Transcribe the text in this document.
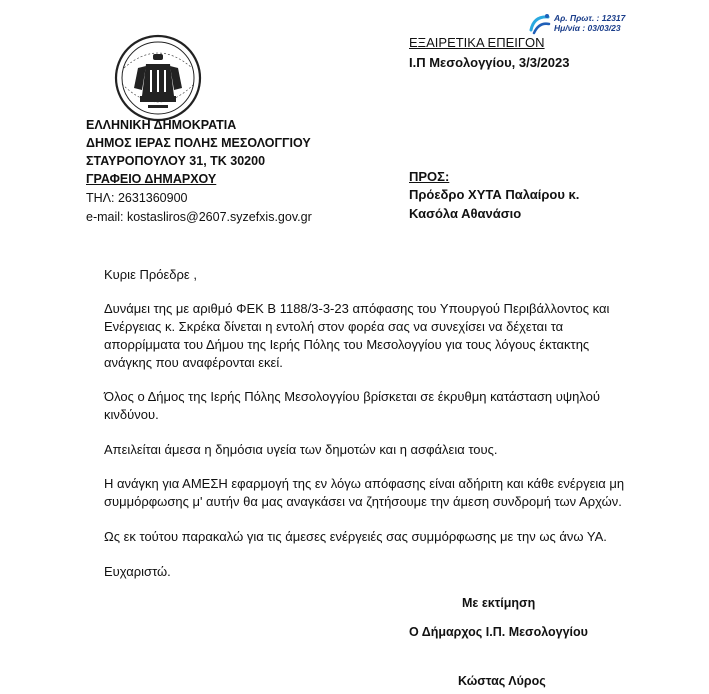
Αρ. Πρωτ. : 12317
Ημ/νία : 03/03/23
ΕΞΑΙΡΕΤΙΚΑ ΕΠΕΙΓΟΝ
Ι.Π Μεσολογγίου, 3/3/2023
ΕΛΛΗΝΙΚΗ ΔΗΜΟΚΡΑΤΙΑ
ΔΗΜΟΣ ΙΕΡΑΣ ΠΟΛΗΣ ΜΕΣΟΛΟΓΓΙΟΥ
ΣΤΑΥΡΟΠΟΥΛΟΥ 31, ΤΚ 30200
ΓΡΑΦΕΙΟ ΔΗΜΑΡΧΟΥ
ΤΗΛ: 2631360900
e-mail: kostasliros@2607.syzefxis.gov.gr
ΠΡΟΣ:
Πρόεδρο ΧΥΤΑ Παλαίρου κ.
Κασόλα Αθανάσιο
Κυριε Πρόεδρε ,
Δυνάμει της με αριθμό ΦΕΚ Β 1188/3-3-23 απόφασης του Υπουργού Περιβάλλοντος και
Ενέργειας κ. Σκρέκα δίνεται η εντολή στον φορέα σας να συνεχίσει να δέχεται τα
απορρίμματα του Δήμου της Ιερής Πόλης του Μεσολογγίου για τους λόγους έκτακτης
ανάγκης που αναφέρονται εκεί.
Όλος ο Δήμος της Ιερής Πόλης Μεσολογγίου βρίσκεται σε έκρυθμη κατάσταση υψηλού
κινδύνου.
Απειλείται άμεσα η δημόσια υγεία των δημοτών και η ασφάλεια τους.
Η ανάγκη για ΑΜΕΣΗ εφαρμογή της εν λόγω απόφασης είναι αδήριτη και κάθε ενέργεια μη
συμμόρφωσης μ' αυτήν θα μας αναγκάσει να ζητήσουμε την άμεση συνδρομή των Αρχών.
Ως εκ τούτου παρακαλώ για τις άμεσες ενέργειές σας συμμόρφωσης με την ως άνω ΥΑ.
Ευχαριστώ.
Με εκτίμηση
Ο Δήμαρχος Ι.Π. Μεσολογγίου
Κώστας Λύρος
